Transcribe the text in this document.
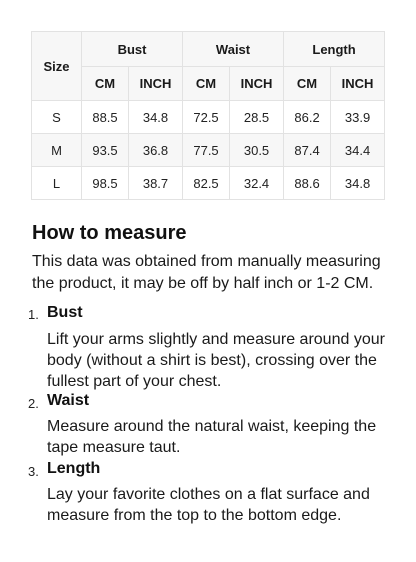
Size	Bust		Waist		Length	
	CM	INCH	CM	INCH	CM	INCH
S	88.5	34.8	72.5	28.5	86.2	33.9
M	93.5	36.8	77.5	30.5	87.4	34.4
L	98.5	38.7	82.5	32.4	88.6	34.8
How to measure

This data was obtained from manually measuring the product, it may be off by half inch or 1-2 CM.

1. Bust

Lift your arms slightly and measure around your body (without a shirt is best), crossing over the fullest part of your chest.

2. Waist

Measure around the natural waist, keeping the tape measure taut.

3. Length

Lay your favorite clothes on a flat surface and measure from the top to the bottom edge.
